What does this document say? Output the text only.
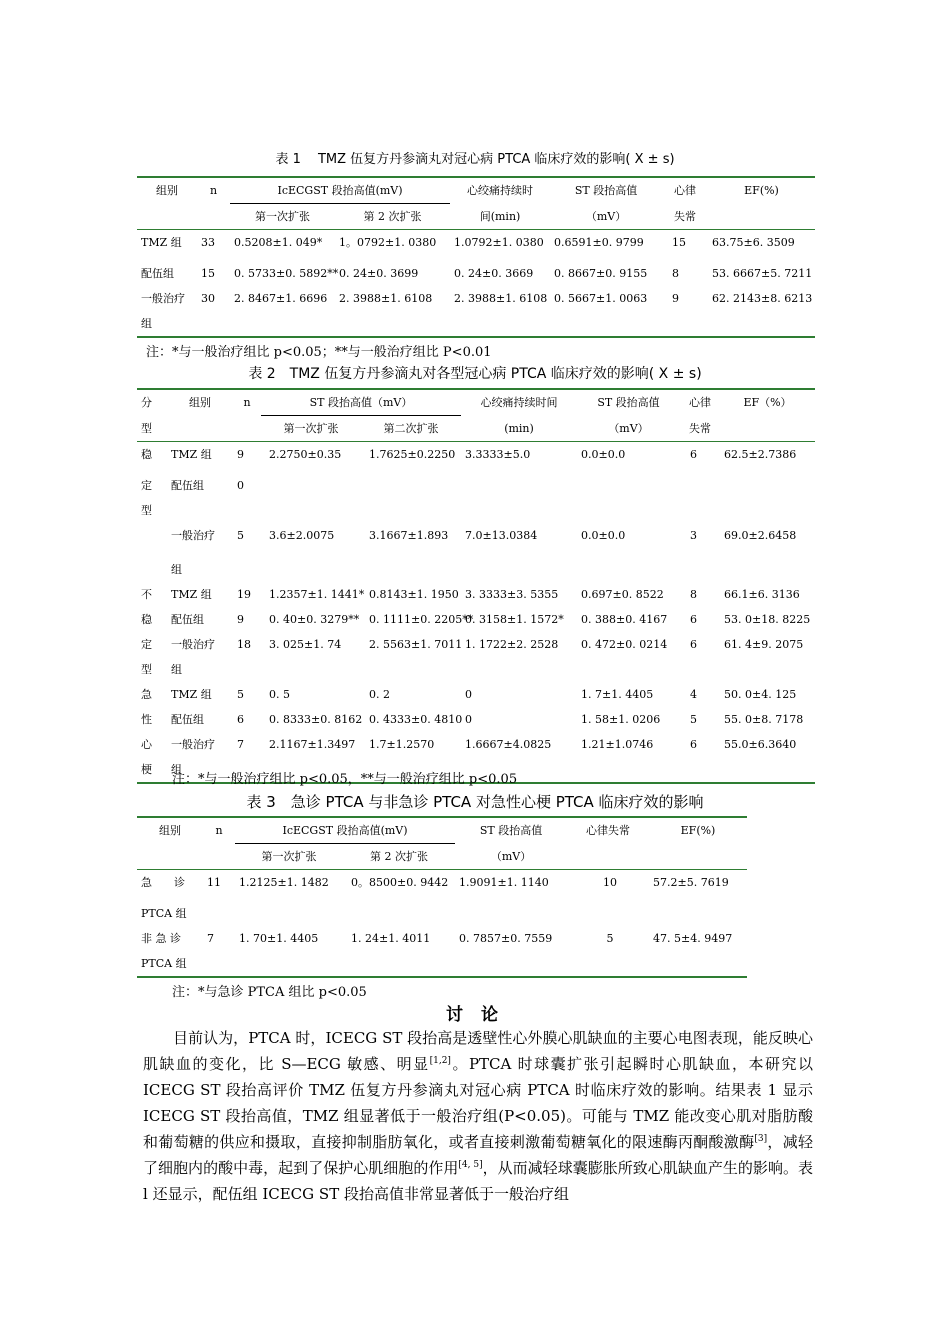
表 1　 TMZ 伍复方丹参滴丸对冠心病 PTCA 临床疗效的影响( X ± s)
组别	n	IcECGST 段抬高值(mV)		心绞痛持续时	ST 段抬高值	心律	EF(%)
		第一次扩张	第 2 次扩张	间(min)	（mV）	失常	
TMZ 组	33	0.5208±1. 049*	1。0792±1. 0380	1.0792±1. 0380	0.6591±0. 9799	15	63.75±6. 3509
配伍组	15	0. 5733±0. 5892**	0. 24±0. 3699	0. 24±0. 3669	0. 8667±0. 9155	8	53. 6667±5. 7211
一般治疗	30	2. 8467±1. 6696	2. 3988±1. 6108	2. 3988±1. 6108	0. 5667±1. 0063	9	62. 2143±8. 6213
组							
注：*与一般治疗组比 p<0.05；**与一般治疗组比 P<0.01
表 2　TMZ 伍复方丹参滴丸对各型冠心病 PTCA 临床疗效的影响( X ± s)
分	组别	n	ST 段抬高值（mV）		心绞痛持续时间	ST 段抬高值	心律	EF（%）
型			第一次扩张	第二次扩张	(min)	（mV）	失常	
稳	TMZ 组	9	2.2750±0.35	1.7625±0.2250	3.3333±5.0	0.0±0.0	6	62.5±2.7386
定	配伍组	0						
型								
	一般治疗	5	3.6±2.0075	3.1667±1.893	7.0±13.0384	0.0±0.0	3	69.0±2.6458
	组							
不	TMZ 组	19	1.2357±1. 1441*	0.8143±1. 1950	3. 3333±3. 5355	0.697±0. 8522	8	66.1±6. 3136
稳	配伍组	9	0. 40±0. 3279**	0. 1111±0. 2205**	0. 3158±1. 1572*	0. 388±0. 4167	6	53. 0±18. 8225
定	一般治疗	18	3. 025±1. 74	2. 5563±1. 7011	1. 1722±2. 2528	0. 472±0. 0214	6	61. 4±9. 2075
型	组							
急	TMZ 组	5	0. 5	0. 2	0	1. 7±1. 4405	4	50. 0±4. 125
性	配伍组	6	0. 8333±0. 8162	0. 4333±0. 4810	0	1. 58±1. 0206	5	55. 0±8. 7178
心	一般治疗	7	2.1167±1.3497	1.7±1.2570	1.6667±4.0825	1.21±1.0746	6	55.0±6.3640
梗	组							
注：*与一般治疗组比 p<0.05，**与一般治疗组比 p<0.05
表 3　急诊 PTCA 与非急诊 PTCA 对急性心梗 PTCA 临床疗效的影响
组别	n	IcECGST 段抬高值(mV)		ST 段抬高值	心律失常	EF(%)
		第一次扩张	第 2 次扩张	（mV）		
急　　诊	11	1.2125±1. 1482	0。8500±0. 9442	1.9091±1. 1140	10	57.2±5. 7619
PTCA 组						
非 急 诊	7	1. 70±1. 4405	1. 24±1. 4011	0. 7857±0. 7559	5	47. 5±4. 9497
PTCA 组						
注：*与急诊 PTCA 组比 p<0.05
讨 论
目前认为，PTCA 时，ICECG ST 段抬高是透壁性心外膜心肌缺血的主要心电图表现，能反映心肌缺血的变化，比 S—ECG 敏感、明显[1,2]。PTCA 时球囊扩张引起瞬时心肌缺血，本研究以 ICECG ST 段抬高评价 TMZ 伍复方丹参滴丸对冠心病 PTCA 时临床疗效的影响。结果表 1 显示 ICECG ST 段抬高值，TMZ 组显著低于一般治疗组(P<0.05)。可能与 TMZ 能改变心肌对脂肪酸和葡萄糖的供应和摄取，直接抑制脂肪氧化，或者直接刺激葡萄糖氧化的限速酶丙酮酸激酶[3]，减轻了细胞内的酸中毒，起到了保护心肌细胞的作用[4, 5]，从而减轻球囊膨胀所致心肌缺血产生的影响。表 l 还显示，配伍组 ICECG ST 段抬高值非常显著低于一般治疗组
